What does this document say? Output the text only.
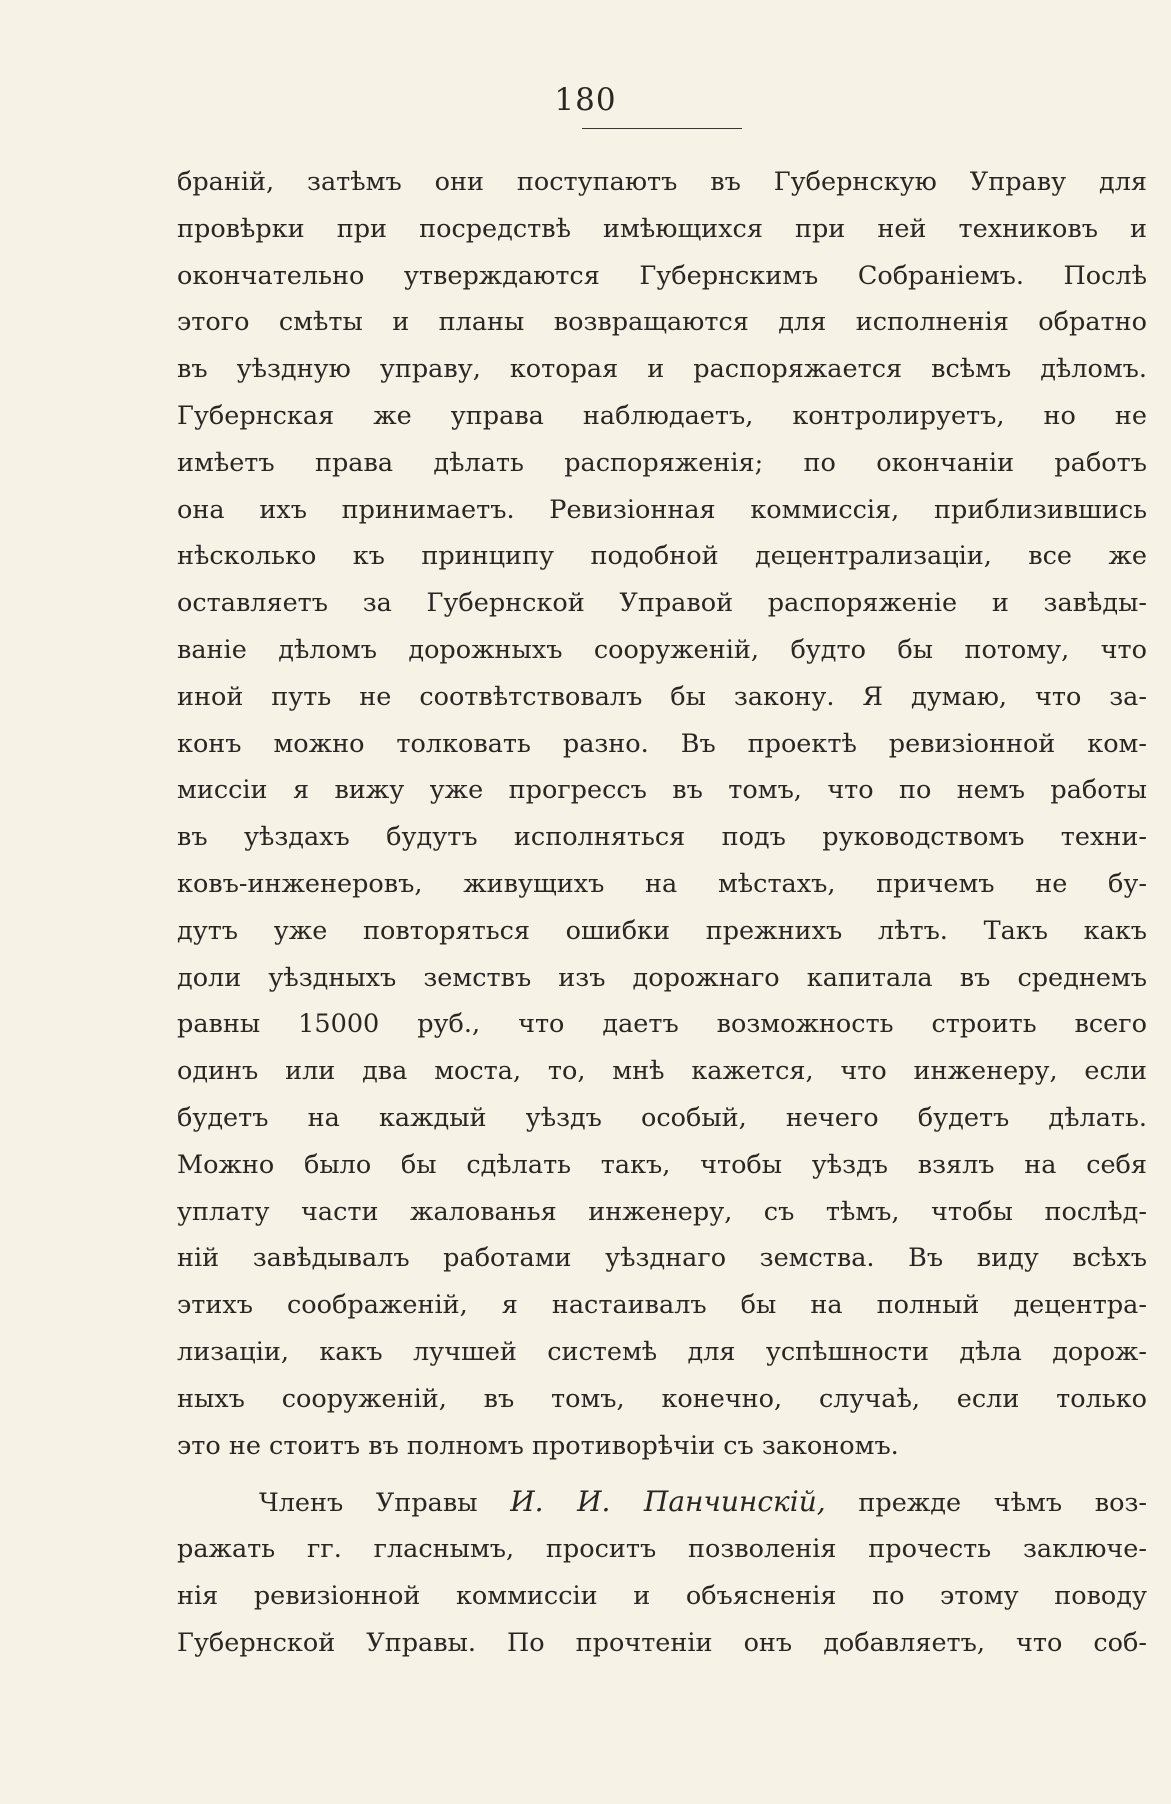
180
браній, затѣмъ они поступаютъ въ Губернскую Управу для
провѣрки при посредствѣ имѣющихся при ней техниковъ и
окончательно утверждаются Губернскимъ Собраніемъ. Послѣ
этого смѣты и планы возвращаются для исполненія обратно
въ уѣздную управу, которая и распоряжается всѣмъ дѣломъ.
Губернская же управа наблюдаетъ, контролируетъ, но не
имѣетъ права дѣлать распоряженія; по окончаніи работъ
она ихъ принимаетъ. Ревизіонная коммиссія, приблизившись
нѣсколько къ принципу подобной децентрализаціи, все же
оставляетъ за Губернской Управой распоряженіе и завѣды-
ваніе дѣломъ дорожныхъ сооруженій, будто бы потому, что
иной путь не соотвѣтствовалъ бы закону. Я думаю, что за-
конъ можно толковать разно. Въ проектѣ ревизіонной ком-
миссіи я вижу уже прогрессъ въ томъ, что по немъ работы
въ уѣздахъ будутъ исполняться подъ руководствомъ техни-
ковъ-инженеровъ, живущихъ на мѣстахъ, причемъ не бу-
дутъ уже повторяться ошибки прежнихъ лѣтъ. Такъ какъ
доли уѣздныхъ земствъ изъ дорожнаго капитала въ среднемъ
равны 15000 руб., что даетъ возможность строить всего
одинъ или два моста, то, мнѣ кажется, что инженеру, если
будетъ на каждый уѣздъ особый, нечего будетъ дѣлать.
Можно было бы сдѣлать такъ, чтобы уѣздъ взялъ на себя
уплату части жалованья инженеру, съ тѣмъ, чтобы послѣд-
ній завѣдывалъ работами уѣзднаго земства. Въ виду всѣхъ
этихъ соображеній, я настаивалъ бы на полный децентра-
лизаціи, какъ лучшей системѣ для успѣшности дѣла дорож-
ныхъ сооруженій, въ томъ, конечно, случаѣ, если только
это не стоитъ въ полномъ противорѣчіи съ закономъ.
Членъ Управы И. И. Панчинскій, прежде чѣмъ воз-
ражать гг. гласнымъ, проситъ позволенія прочесть заключе-
нія ревизіонной коммиссіи и объясненія по этому поводу
Губернской Управы. По прочтеніи онъ добавляетъ, что соб-
